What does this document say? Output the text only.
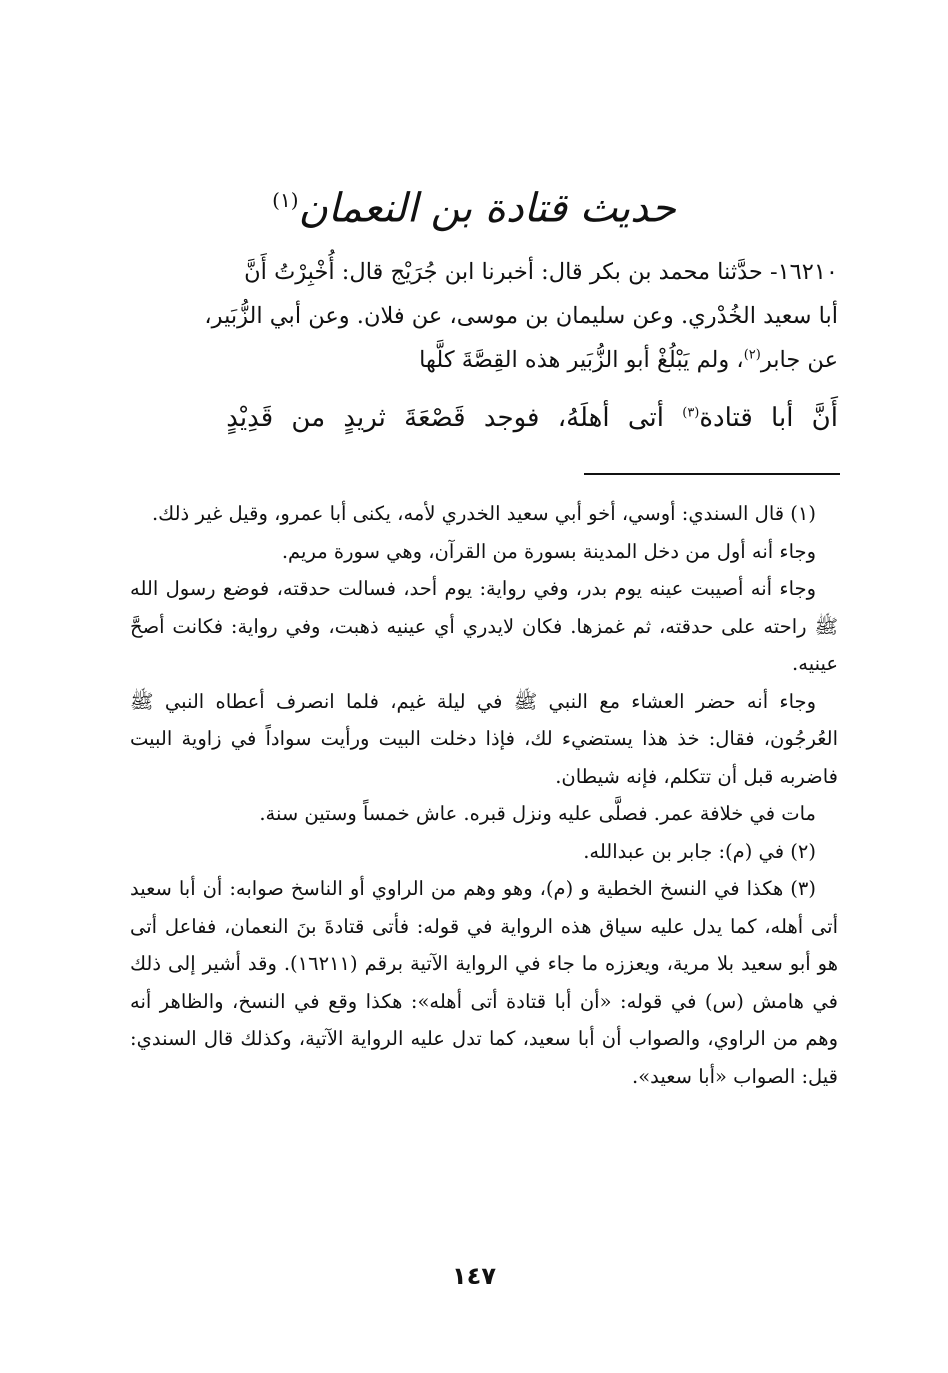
حديث قتادة بن النعمان$^{(١)}$

١٦٢١٠- حدَّثنا محمد بن بكر قال: أخبرنا ابن جُرَيْج قال: أُخْبِرْتُ أَنَّ

أبا سعيد الخُدْري. وعن سليمان بن موسى، عن فلان. وعن أبي الزُّبَير،

عن جابر$^{(٢)}$، ولم يَبْلُغْ أبو الزُّبَير هذه القِصَّةَ كلَّها

أَنَّ أبا قتادة$^{(٣)}$ أتى أهلَهُ، فوجد قَصْعَةَ ثريدٍ من قَدِيْدٍ

(١) قال السندي: أوسي، أخو أبي سعيد الخدري لأمه، يكنى أبا عمرو، وقيل غير ذلك.

وجاء أنه أول من دخل المدينة بسورة من القرآن، وهي سورة مريم.

وجاء أنه أصيبت عينه يوم بدر، وفي رواية: يوم أحد، فسالت حدقته، فوضع رسول الله ﷺ راحته على حدقته، ثم غمزها. فكان لايدري أي عينيه ذهبت، وفي رواية: فكانت أصحَّ عينيه.

وجاء أنه حضر العشاء مع النبي ﷺ في ليلة غيم، فلما انصرف أعطاه النبي ﷺ العُرجُون، فقال: خذ هذا يستضيء لك، فإذا دخلت البيت ورأيت سواداً في زاوية البيت فاضربه قبل أن تتكلم، فإنه شيطان.

مات في خلافة عمر. فصلَّى عليه ونزل قبره. عاش خمساً وستين سنة.

(٢) في (م): جابر بن عبدالله.

(٣) هكذا في النسخ الخطية و (م)، وهو وهم من الراوي أو الناسخ صوابه: أن أبا سعيد أتى أهله، كما يدل عليه سياق هذه الرواية في قوله: فأتى قتادةَ بنَ النعمان، ففاعل أتى هو أبو سعيد بلا مرية، ويعززه ما جاء في الرواية الآتية برقم (١٦٢١١). وقد أشير إلى ذلك في هامش (س) في قوله: «أن أبا قتادة أتى أهله»: هكذا وقع في النسخ، والظاهر أنه وهم من الراوي، والصواب أن أبا سعيد، كما تدل عليه الرواية الآتية، وكذلك قال السندي: قيل: الصواب «أبا سعيد».

١٤٧
